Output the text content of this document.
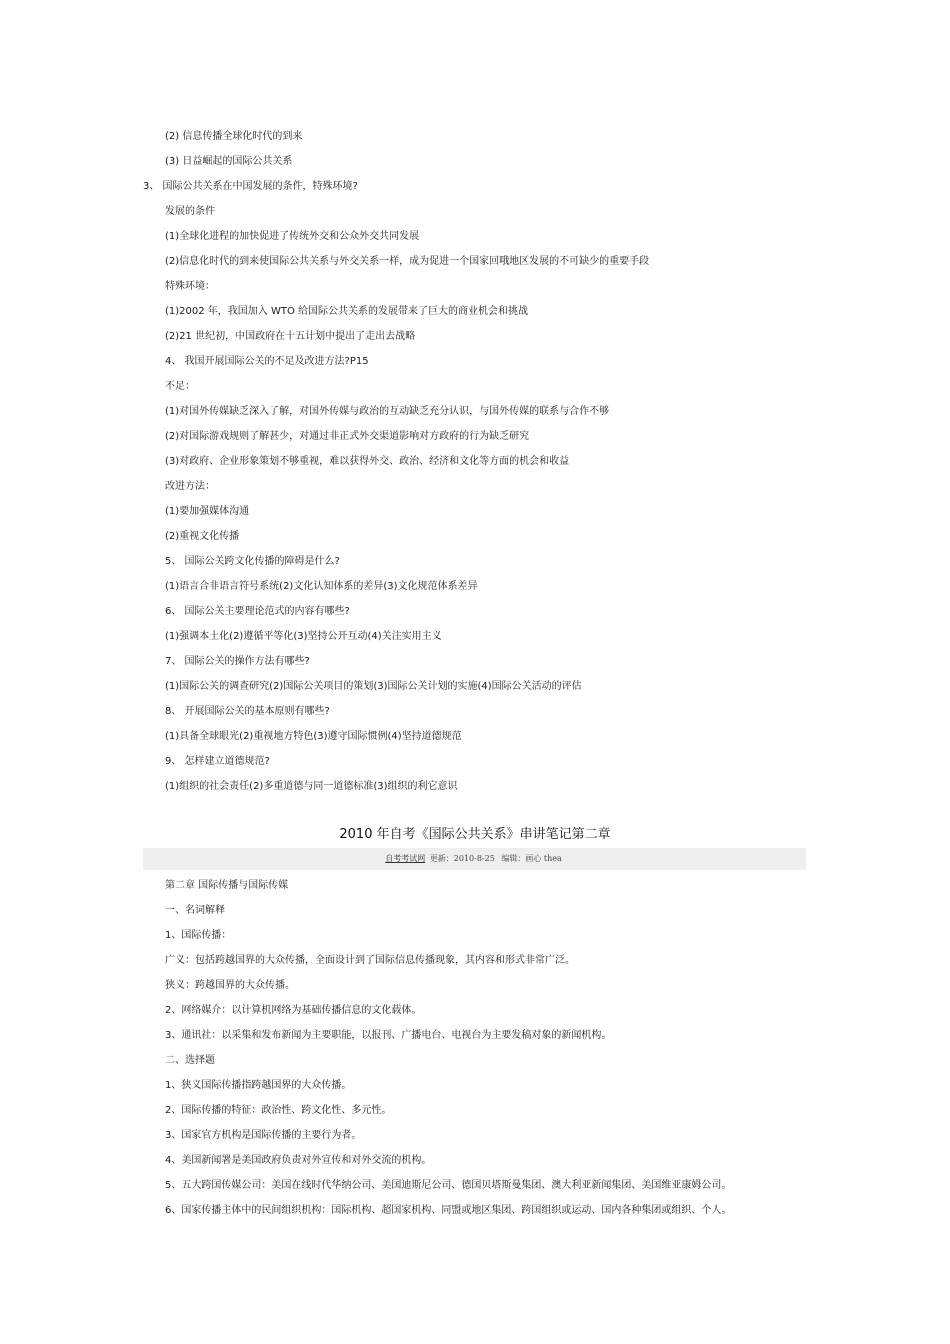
(2) 信息传播全球化时代的到来
(3) 日益崛起的国际公共关系
3、 国际公共关系在中国发展的条件，特殊环境?
发展的条件
(1)全球化进程的加快促进了传统外交和公众外交共同发展
(2)信息化时代的到来使国际公共关系与外交关系一样，成为促进一个国家回哦地区发展的不可缺少的重要手段
特殊环境：
(1)2002 年，我国加入 WTO 给国际公共关系的发展带来了巨大的商业机会和挑战
(2)21 世纪初，中国政府在十五计划中提出了走出去战略
4、 我国开展国际公关的不足及改进方法?P15
不足：
(1)对国外传媒缺乏深入了解，对国外传媒与政治的互动缺乏充分认识，与国外传媒的联系与合作不够
(2)对国际游戏规则了解甚少，对通过非正式外交渠道影响对方政府的行为缺乏研究
(3)对政府、企业形象策划不够重视，难以获得外交、政治、经济和文化等方面的机会和收益
改进方法：
(1)要加强媒体沟通
(2)重视文化传播
5、 国际公关跨文化传播的障碍是什么?
(1)语言合非语言符号系统(2)文化认知体系的差异(3)文化规范体系差异
6、 国际公关主要理论范式的内容有哪些?
(1)强调本土化(2)遵循平等化(3)坚持公开互动(4)关注实用主义
7、 国际公关的操作方法有哪些?
(1)国际公关的调查研究(2)国际公关项目的策划(3)国际公关计划的实施(4)国际公关活动的评估
8、 开展国际公关的基本原则有哪些?
(1)具备全球眼光(2)重视地方特色(3)遵守国际惯例(4)坚持道德规范
9、 怎样建立道德规范?
(1)组织的社会责任(2)多重道德与同一道德标准(3)组织的利它意识
2010 年自考《国际公共关系》串讲笔记第二章
自考考试网 更新：2010-8-25 编辑：画心 thea
第二章 国际传播与国际传媒
一、名词解释
1、国际传播：
广义：包括跨越国界的大众传播，全面设计到了国际信息传播现象，其内容和形式非常广泛。
狭义：跨越国界的大众传播。
2、网络媒介：以计算机网络为基础传播信息的文化载体。
3、通讯社：以采集和发布新闻为主要职能，以报刊、广播电台、电视台为主要发稿对象的新闻机构。
二、选择题
1、狭义国际传播指跨越国界的大众传播。
2、国际传播的特征：政治性、跨文化性、多元性。
3、国家官方机构是国际传播的主要行为者。
4、美国新闻署是美国政府负责对外宣传和对外交流的机构。
5、五大跨国传媒公司：美国在线时代华纳公司、美国迪斯尼公司、德国贝塔斯曼集团、澳大利亚新闻集团、美国维亚康姆公司。
6、国家传播主体中的民间组织机构：国际机构、超国家机构、同盟或地区集团、跨国组织或运动、国内各种集团或组织、个人。
